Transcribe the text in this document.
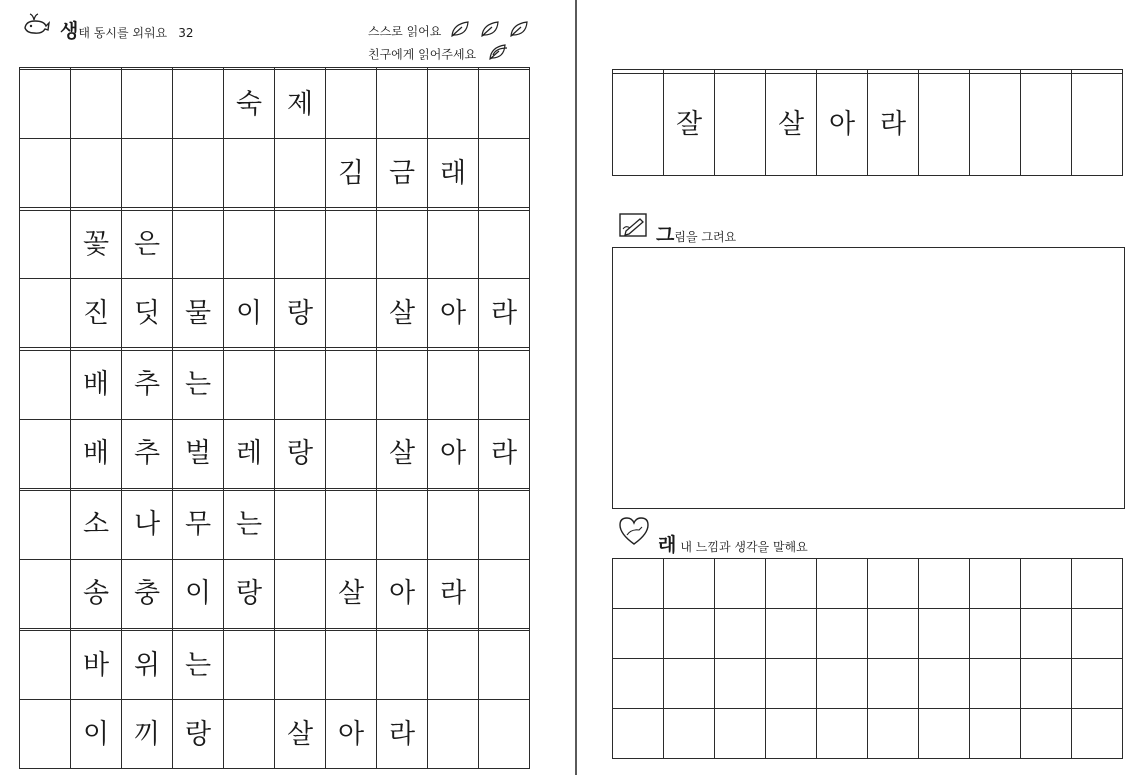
생태 동시를 외워요 32	스스로 읽어요
친구에게 읽어주세요

				숙	제				
						김	금	래	

	꽃	은							
	진	딧	물	이	랑		살	아	라

	배	추	는						
	배	추	벌	레	랑		살	아	라

	소	나	무	는					
	송	충	이	랑		살	아	라	

	바	위	는						
	이	끼	랑		살	아	라		

	잘		살	아	라				
그림을 그려요
래내 느낌과 생각을 말해요
